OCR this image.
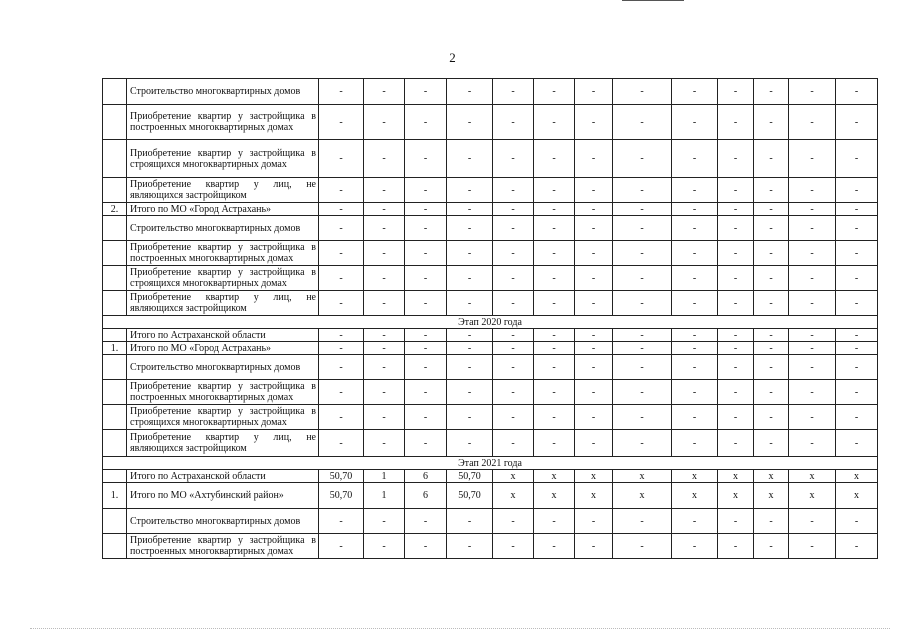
2
	Строительство многоквартирных домов	-	-	-	-	-	-	-	-	-	-	-	-	-
	Приобретение квартир у застройщика в построенных многоквартирных домах	-	-	-	-	-	-	-	-	-	-	-	-	-
	Приобретение квартир у застройщика в строящихся многоквартирных домах	-	-	-	-	-	-	-	-	-	-	-	-	-
	Приобретение квартир у лиц, не являющихся застройщиком	-	-	-	-	-	-	-	-	-	-	-	-	-
2.	Итого по МО «Город Астрахань»	-	-	-	-	-	-	-	-	-	-	-	-	-
	Строительство многоквартирных домов	-	-	-	-	-	-	-	-	-	-	-	-	-
	Приобретение квартир у застройщика в построенных многоквартирных домах	-	-	-	-	-	-	-	-	-	-	-	-	-
	Приобретение квартир у застройщика в строящихся многоквартирных домах	-	-	-	-	-	-	-	-	-	-	-	-	-
	Приобретение квартир у лиц, не являющихся застройщиком	-	-	-	-	-	-	-	-	-	-	-	-	-
Этап 2020 года														
	Итого по Астраханской области	-	-	-	-	-	-	-	-	-	-	-	-	-
1.	Итого по МО «Город Астрахань»	-	-	-	-	-	-	-	-	-	-	-	-	-
	Строительство многоквартирных домов	-	-	-	-	-	-	-	-	-	-	-	-	-
	Приобретение квартир у застройщика в построенных многоквартирных домах	-	-	-	-	-	-	-	-	-	-	-	-	-
	Приобретение квартир у застройщика в строящихся многоквартирных домах	-	-	-	-	-	-	-	-	-	-	-	-	-
	Приобретение квартир у лиц, не являющихся застройщиком	-	-	-	-	-	-	-	-	-	-	-	-	-
Этап 2021 года														
	Итого по Астраханской области	50,70	1	6	50,70	x	x	x	x	x	x	x	x	x
1.	Итого по МО «Ахтубинский район»	50,70	1	6	50,70	x	x	x	x	x	x	x	x	x
	Строительство многоквартирных домов	-	-	-	-	-	-	-	-	-	-	-	-	-
	Приобретение квартир у застройщика в построенных многоквартирных домах	-	-	-	-	-	-	-	-	-	-	-	-	-
